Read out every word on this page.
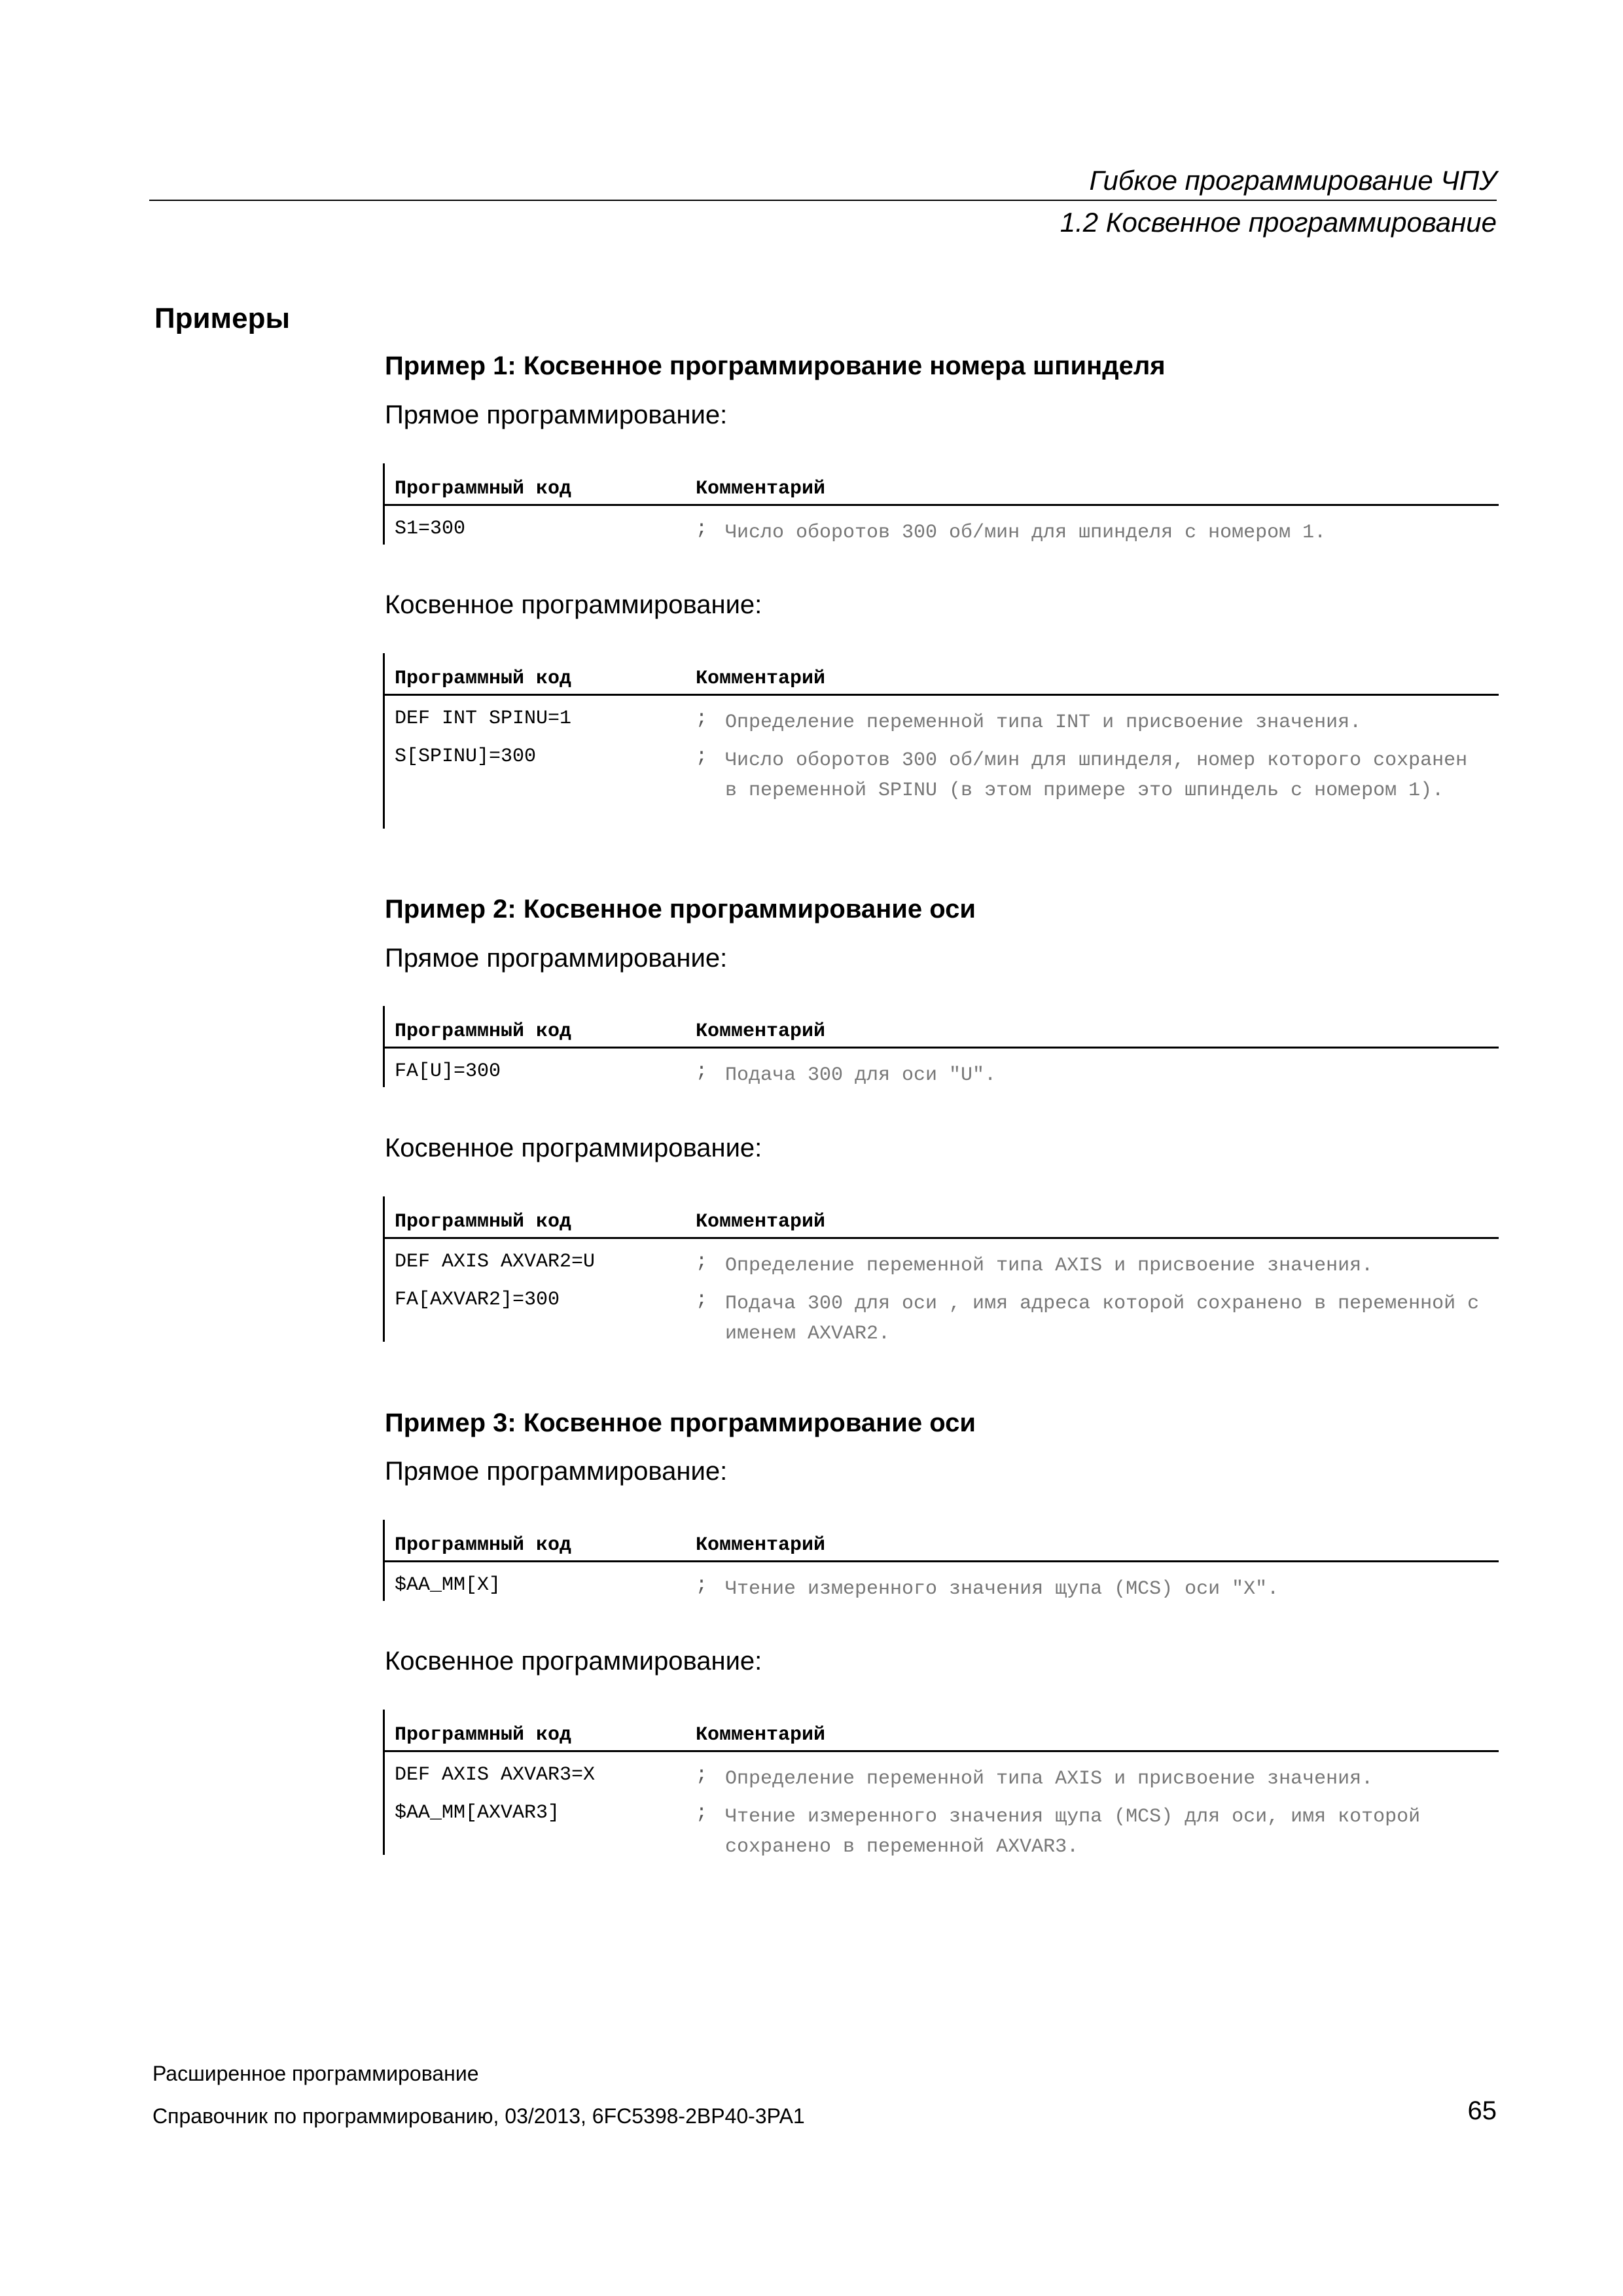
Гибкое программирование ЧПУ
1.2 Косвенное программирование
Примеры
Пример 1: Косвенное программирование номера шпинделя
Прямое программирование:
Программный код	Комментарий
S1=300	; Число оборотов 300 об/мин для шпинделя с номером 1.
Косвенное программирование:
Программный код	Комментарий
DEF INT SPINU=1	; Определение переменной типа INT и присвоение значения.
S[SPINU]=300	; Число оборотов 300 об/мин для шпинделя, номер которого сохранен в переменной SPINU (в этом примере это шпиндель с номером 1).
Пример 2: Косвенное программирование оси
Прямое программирование:
Программный код	Комментарий
FA[U]=300	; Подача 300 для оси "U".
Косвенное программирование:
Программный код	Комментарий
DEF AXIS AXVAR2=U	; Определение переменной типа AXIS и присвоение значения.
FA[AXVAR2]=300	; Подача 300 для оси , имя адреса которой сохранено в переменной с именем AXVAR2.
Пример 3: Косвенное программирование оси
Прямое программирование:
Программный код	Комментарий
$AA_MM[X]	; Чтение измеренного значения щупа (MCS) оси "X".
Косвенное программирование:
Программный код	Комментарий
DEF AXIS AXVAR3=X	; Определение переменной типа AXIS и присвоение значения.
$AA_MM[AXVAR3]	; Чтение измеренного значения щупа (MCS) для оси, имя которой сохранено в переменной AXVAR3.
Расширенное программирование
Справочник по программированию, 03/2013, 6FC5398-2BP40-3PA1	65
